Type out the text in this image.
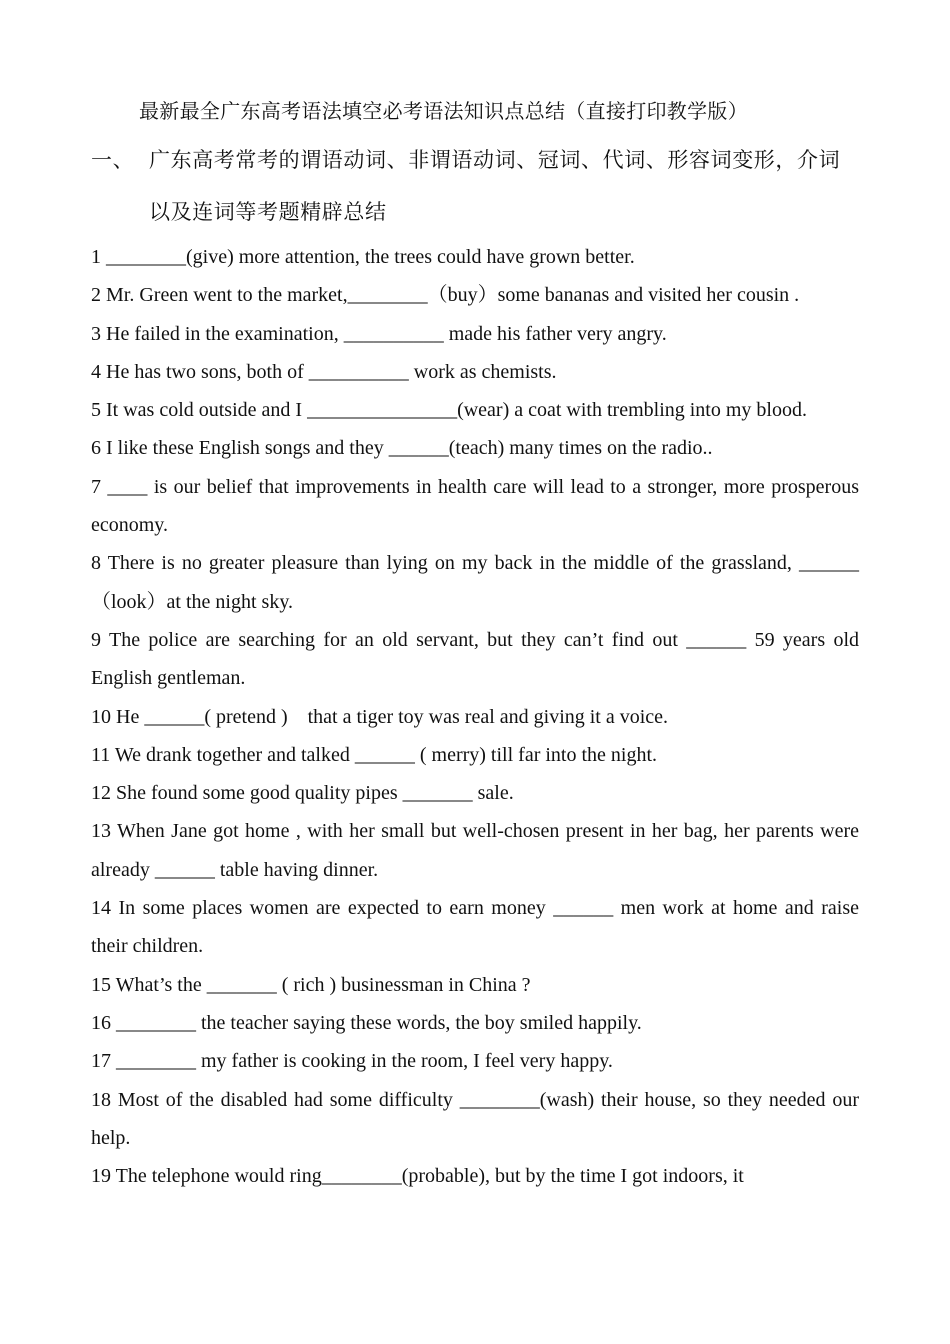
最新最全广东高考语法填空必考语法知识点总结（直接打印教学版）
一、 广东高考常考的谓语动词、非谓语动词、冠词、代词、形容词变形，介词
以及连词等考题精辟总结
1 ________(give) more attention, the trees could have grown better.
2 Mr. Green went to the market,________（buy）some bananas and visited her cousin .
3 He failed in the examination, __________ made his father very angry.
4 He has two sons, both of __________ work as chemists.
5 It was cold outside and I _______________(wear) a coat with trembling into my blood.
6 I like these English songs and they ______(teach) many times on the radio..
7 ____ is our belief that improvements in health care will lead to a stronger, more prosperous economy.
8 There is no greater pleasure than lying on my back in the middle of the grassland, ______ （look）at the night sky.
9 The police are searching for an old servant, but they can’t find out ______ 59 years old English gentleman.
10 He ______( pretend )　that a tiger toy was real and giving it a voice.
11 We drank together and talked ______ ( merry) till far into the night.
12 She found some good quality pipes _______ sale.
13 When Jane got home , with her small but well-chosen present in her bag, her parents were already ______ table having dinner.
14 In some places women are expected to earn money ______ men work at home and raise their children.
15 What’s the _______ ( rich ) businessman in China ?
16 ________ the teacher saying these words, the boy smiled happily.
17 ________ my father is cooking in the room, I feel very happy.
18 Most of the disabled had some difficulty ________(wash) their house, so they needed our help.
19 The telephone would ring________(probable), but by the time I got indoors, it
